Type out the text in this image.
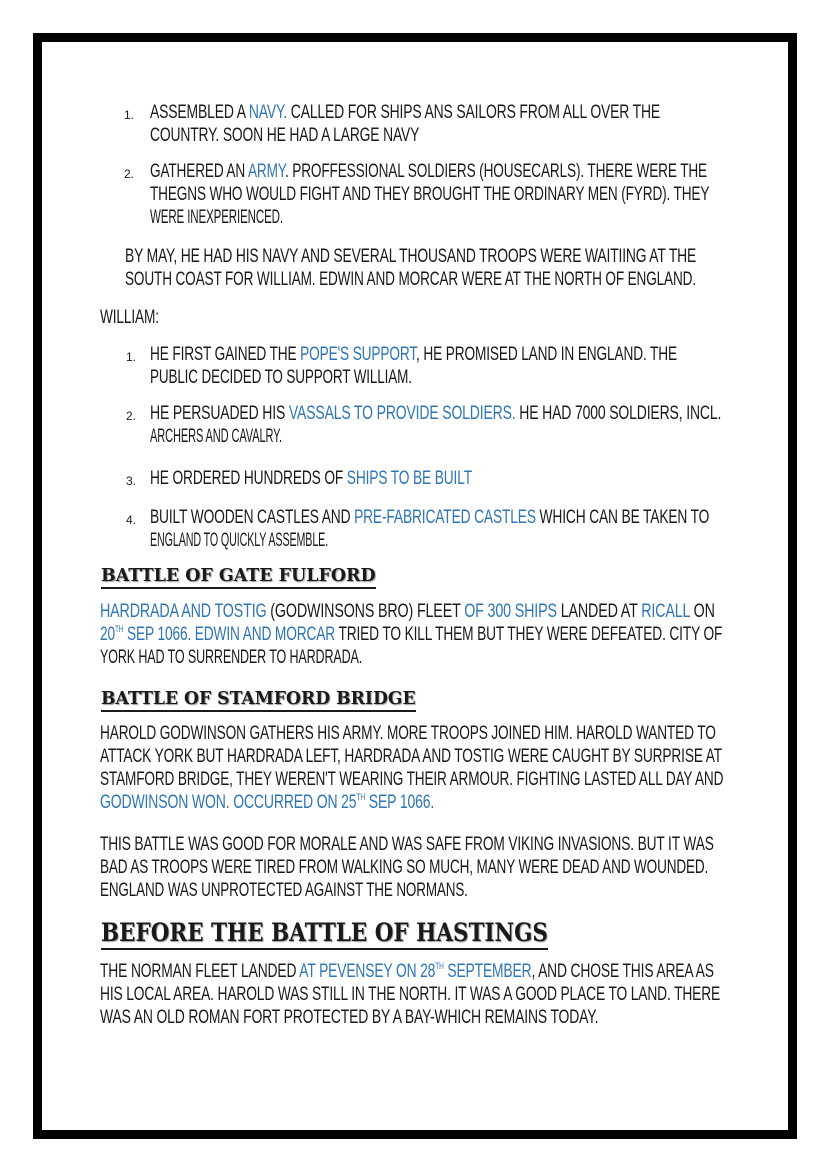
1. ASSEMBLED A NAVY. CALLED FOR SHIPS ANS SAILORS FROM ALL OVER THE
COUNTRY. SOON HE HAD A LARGE NAVY
2. GATHERED AN ARMY. PROFFESSIONAL SOLDIERS (HOUSECARLS). THERE WERE THE
THEGNS WHO WOULD FIGHT AND THEY BROUGHT THE ORDINARY MEN (FYRD). THEY
WERE INEXPERIENCED.
BY MAY, HE HAD HIS NAVY AND SEVERAL THOUSAND TROOPS WERE WAITIING AT THE
SOUTH COAST FOR WILLIAM. EDWIN AND MORCAR WERE AT THE NORTH OF ENGLAND.
WILLIAM:
1. HE FIRST GAINED THE POPE'S SUPPORT, HE PROMISED LAND IN ENGLAND. THE
PUBLIC DECIDED TO SUPPORT WILLIAM.
2. HE PERSUADED HIS VASSALS TO PROVIDE SOLDIERS. HE HAD 7000 SOLDIERS, INCL.
ARCHERS AND CAVALRY.
3. HE ORDERED HUNDREDS OF SHIPS TO BE BUILT
4. BUILT WOODEN CASTLES AND PRE-FABRICATED CASTLES WHICH CAN BE TAKEN TO
ENGLAND TO QUICKLY ASSEMBLE.
BATTLE OF GATE FULFORD
HARDRADA AND TOSTIG (GODWINSONS BRO) FLEET OF 300 SHIPS LANDED AT RICALL ON
20TH SEP 1066. EDWIN AND MORCAR TRIED TO KILL THEM BUT THEY WERE DEFEATED. CITY OF
YORK HAD TO SURRENDER TO HARDRADA.
BATTLE OF STAMFORD BRIDGE
HAROLD GODWINSON GATHERS HIS ARMY. MORE TROOPS JOINED HIM. HAROLD WANTED TO
ATTACK YORK BUT HARDRADA LEFT, HARDRADA AND TOSTIG WERE CAUGHT BY SURPRISE AT
STAMFORD BRIDGE, THEY WEREN'T WEARING THEIR ARMOUR. FIGHTING LASTED ALL DAY AND
GODWINSON WON. OCCURRED ON 25TH SEP 1066.
THIS BATTLE WAS GOOD FOR MORALE AND WAS SAFE FROM VIKING INVASIONS. BUT IT WAS
BAD AS TROOPS WERE TIRED FROM WALKING SO MUCH, MANY WERE DEAD AND WOUNDED.
ENGLAND WAS UNPROTECTED AGAINST THE NORMANS.
BEFORE THE BATTLE OF HASTINGS
THE NORMAN FLEET LANDED AT PEVENSEY ON 28TH SEPTEMBER, AND CHOSE THIS AREA AS
HIS LOCAL AREA. HAROLD WAS STILL IN THE NORTH. IT WAS A GOOD PLACE TO LAND. THERE
WAS AN OLD ROMAN FORT PROTECTED BY A BAY-WHICH REMAINS TODAY.
